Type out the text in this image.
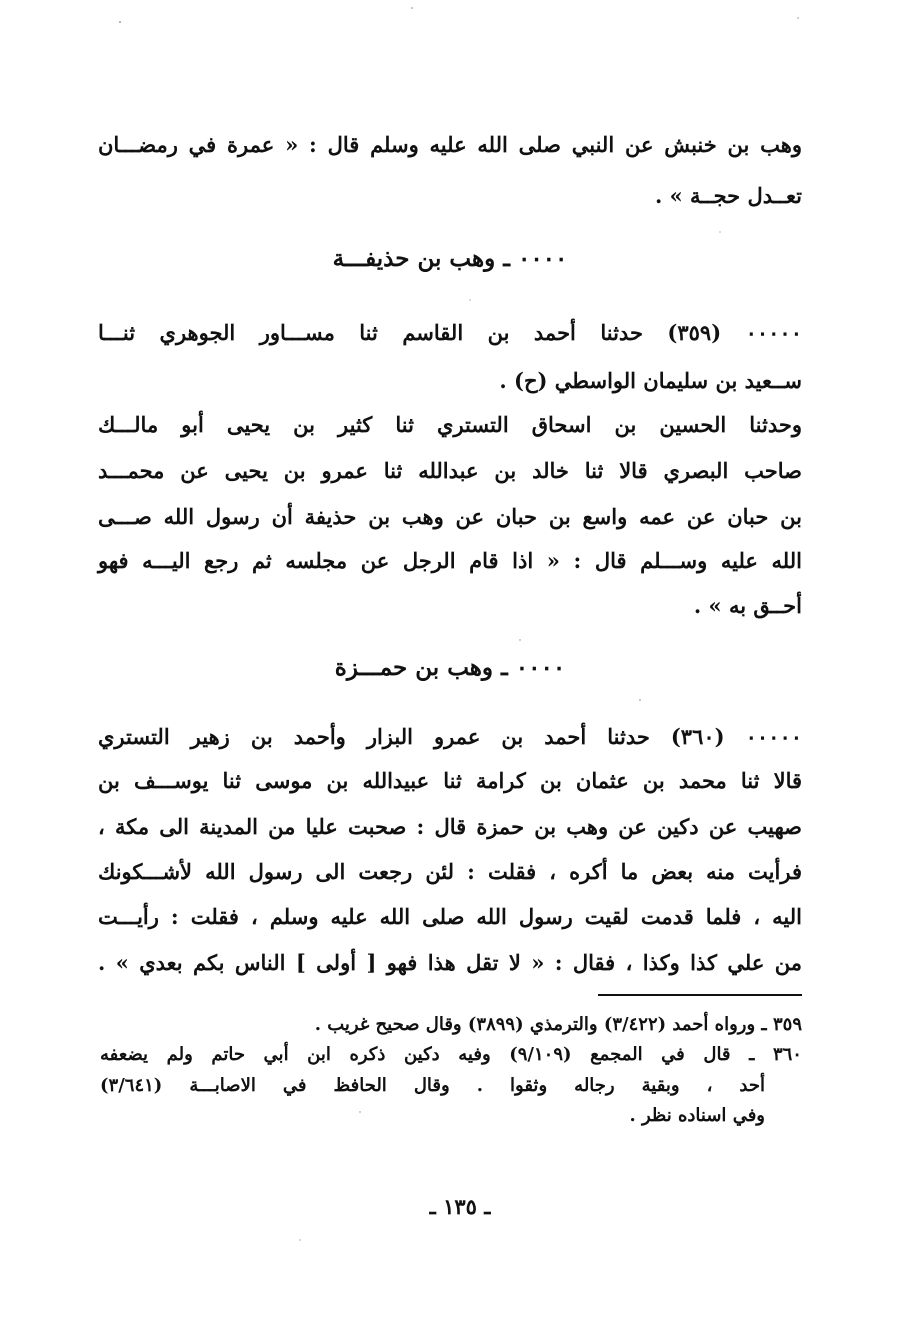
وهب بن خنبش عن النبي صلى الله عليه وسلم قال : « عمرة في رمضـــان
تعــدل حجــة » .
٠٠٠٠ ـ وهب بن حذيفـــة
٠٠٠٠٠ (٣٥٩) حدثنا أحمد بن القاسم ثنا مســـاور الجوهري ثنـــا
ســعيد بن سليمان الواسطي (ح) .
وحدثنا الحسين بن اسحاق التستري ثنا كثير بن يحيى أبو مالـــك
صاحب البصري قالا ثنا خالد بن عبدالله ثنا عمرو بن يحيى عن محمـــد
بن حبان عن عمه واسع بن حبان عن وهب بن حذيفة أن رسول الله صـــى
الله عليه وســـلم قال : « اذا قام الرجل عن مجلسه ثم رجع اليـــه فهو
أحــق به » .
٠٠٠٠ ـ وهب بن حمـــزة
٠٠٠٠٠ (٣٦٠) حدثنا أحمد بن عمرو البزار وأحمد بن زهير التستري
قالا ثنا محمد بن عثمان بن كرامة ثنا عبيدالله بن موسى ثنا يوســـف بن
صهيب عن دكين عن وهب بن حمزة قال : صحبت عليا من المدينة الى مكة ،
فرأيت منه بعض ما أكره ، فقلت : لئن رجعت الى رسول الله لأشـــكونك
اليه ، فلما قدمت لقيت رسول الله صلى الله عليه وسلم ، فقلت : رأيـــت
من علي كذا وكذا ، فقال : « لا تقل هذا فهو [ أولى ] الناس بكم بعدي » .
٣٥٩ ـ ورواه أحمد (٣/٤٢٢) والترمذي (٣٨٩٩) وقال صحيح غريب .
٣٦٠ ـ قال في المجمع (٩/١٠٩) وفيه دكين ذكره ابن أبي حاتم ولم يضعفه
أحد ، وبقية رجاله وثقوا . وقال الحافظ في الاصابـــة (٣/٦٤١)
وفي اسناده نظر .
ـ ١٣٥ ـ
